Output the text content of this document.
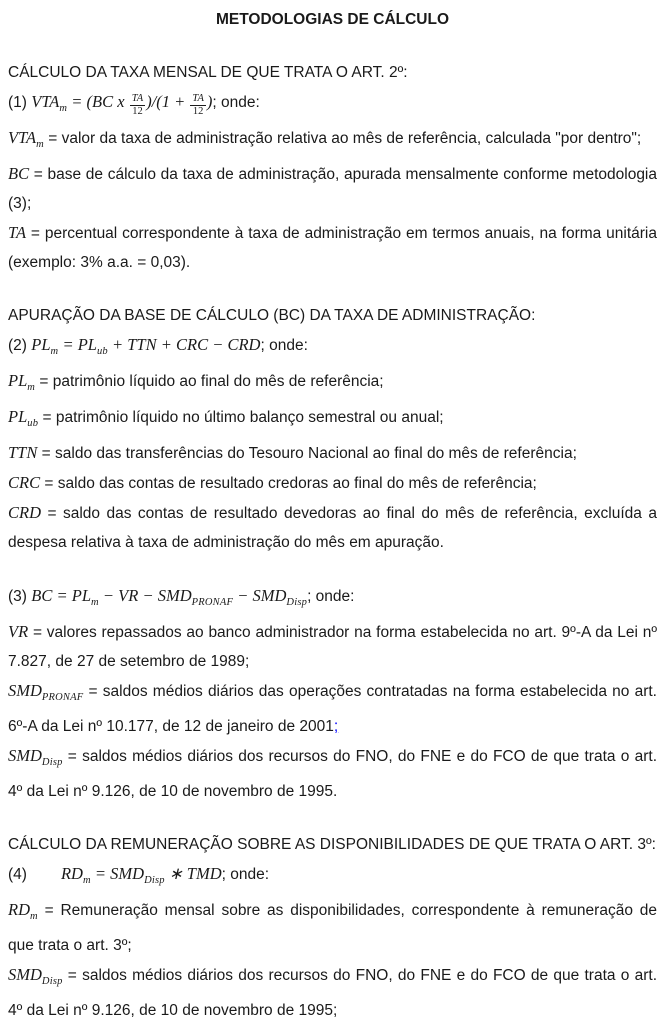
METODOLOGIAS DE CÁLCULO
CÁLCULO DA TAXA MENSAL DE QUE TRATA O ART. 2º:
(1) $VTA_m = (BC$ x $\frac{TA}{12} )/(1 + \frac{TA}{12}$ ); onde:
$VTA_m$ = valor da taxa de administração relativa ao mês de referência, calculada "por dentro";
BC = base de cálculo da taxa de administração, apurada mensalmente conforme metodologia (3);
TA = percentual correspondente à taxa de administração em termos anuais, na forma unitária (exemplo: 3% a.a. = 0,03).
APURAÇÃO DA BASE DE CÁLCULO (BC) DA TAXA DE ADMINISTRAÇÃO:
(2) $PL_m = PL_{ub}$ + TTN + CRC − CRD; onde:
$PL_m$ = patrimônio líquido ao final do mês de referência;
$PL_{ub}$ = patrimônio líquido no último balanço semestral ou anual;
TTN = saldo das transferências do Tesouro Nacional ao final do mês de referência;
CRC = saldo das contas de resultado credoras ao final do mês de referência;
CRD = saldo das contas de resultado devedoras ao final do mês de referência, excluída a despesa relativa à taxa de administração do mês em apuração.
(3) BC = $PL_m$ − VR − $SMD_{PRONAF} - SMD_{Disp}$; onde:
VR = valores repassados ao banco administrador na forma estabelecida no art. 9º-A da Lei nº 7.827, de 27 de setembro de 1989;
$SMD_{PRONAF}$ = saldos médios diários das operações contratadas na forma estabelecida no art. 6º-A da Lei nº 10.177, de 12 de janeiro de 2001;
$SMD_{Disp}$ = saldos médios diários dos recursos do FNO, do FNE e do FCO de que trata o art. 4º da Lei nº 9.126, de 10 de novembro de 1995.
CÁLCULO DA REMUNERAÇÃO SOBRE AS DISPONIBILIDADES DE QUE TRATA O ART. 3º:
(4) $RD_m = SMD_{Disp}$ ∗ TMD; onde:
$RD_m$ = Remuneração mensal sobre as disponibilidades, correspondente à remuneração de que trata o art. 3º;
$SMD_{Disp}$ = saldos médios diários dos recursos do FNO, do FNE e do FCO de que trata o art. 4º da Lei nº 9.126, de 10 de novembro de 1995;
